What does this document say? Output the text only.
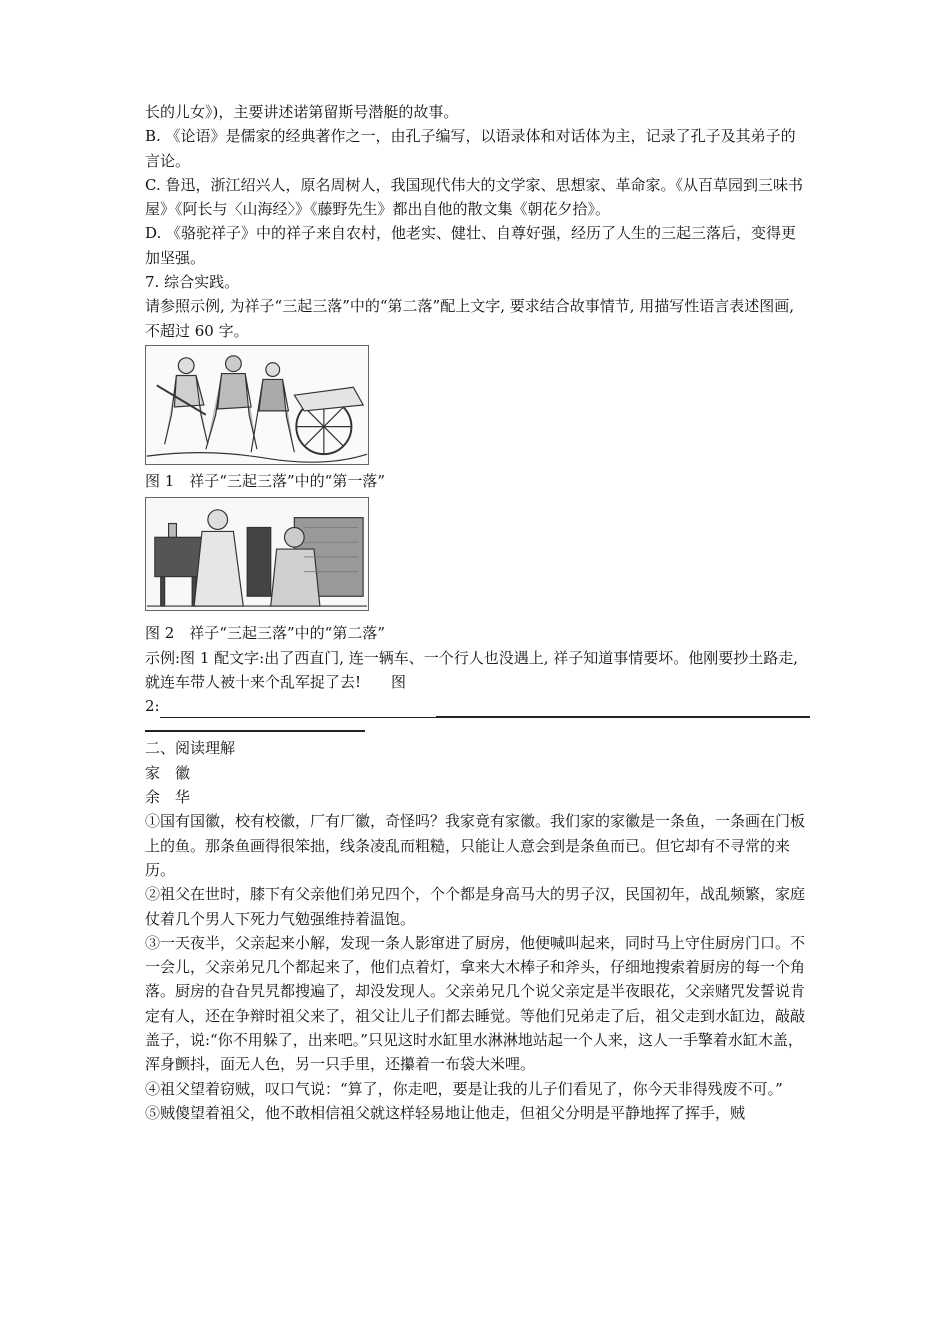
长的儿女》)，主要讲述诺第留斯号潜艇的故事。

B. 《论语》是儒家的经典著作之一，由孔子编写，以语录体和对话体为主，记录了孔子及其弟子的言论。

C. 鲁迅，浙江绍兴人，原名周树人，我国现代伟大的文学家、思想家、革命家。《从百草园到三味书屋》《阿长与〈山海经〉》《藤野先生》都出自他的散文集《朝花夕拾》。

D. 《骆驼祥子》中的祥子来自农村，他老实、健壮、自尊好强，经历了人生的三起三落后，变得更加坚强。

7. 综合实践。

请参照示例, 为祥子“三起三落”中的“第二落”配上文字, 要求结合故事情节, 用描写性语言表述图画, 不超过 60 字。

图 1　祥子“三起三落”中的“第一落”

图 2　祥子“三起三落”中的“第二落”

示例:图 1 配文字:出了西直门, 连一辆车、一个行人也没遇上, 祥子知道事情要坏。他刚要抄土路走, 就连车带人被十来个乱军捉了去!　　图

2:

二、阅读理解

家　徽

余　华

①国有国徽，校有校徽，厂有厂徽，奇怪吗？我家竟有家徽。我们家的家徽是一条鱼，一条画在门板上的鱼。那条鱼画得很笨拙，线条凌乱而粗糙，只能让人意会到是条鱼而已。但它却有不寻常的来历。

②祖父在世时，膝下有父亲他们弟兄四个，个个都是身高马大的男子汉，民国初年，战乱频繁，家庭仗着几个男人下死力气勉强维持着温饱。

③一天夜半，父亲起来小解，发现一条人影窜进了厨房，他便喊叫起来，同时马上守住厨房门口。不一会儿，父亲弟兄几个都起来了，他们点着灯，拿来大木棒子和斧头，仔细地搜索着厨房的每一个角落。厨房的旮旮旯旯都搜遍了，却没发现人。父亲弟兄几个说父亲定是半夜眼花，父亲赌咒发誓说肯定有人，还在争辩时祖父来了，祖父让儿子们都去睡觉。等他们兄弟走了后，祖父走到水缸边，敲敲盖子，说:“你不用躲了，出来吧。”只见这时水缸里水淋淋地站起一个人来，这人一手擎着水缸木盖，浑身颤抖，面无人色，另一只手里，还攥着一布袋大米哩。

④祖父望着窃贼，叹口气说：“算了，你走吧，要是让我的儿子们看见了，你今天非得残废不可。”

⑤贼傻望着祖父，他不敢相信祖父就这样轻易地让他走，但祖父分明是平静地挥了挥手，贼
